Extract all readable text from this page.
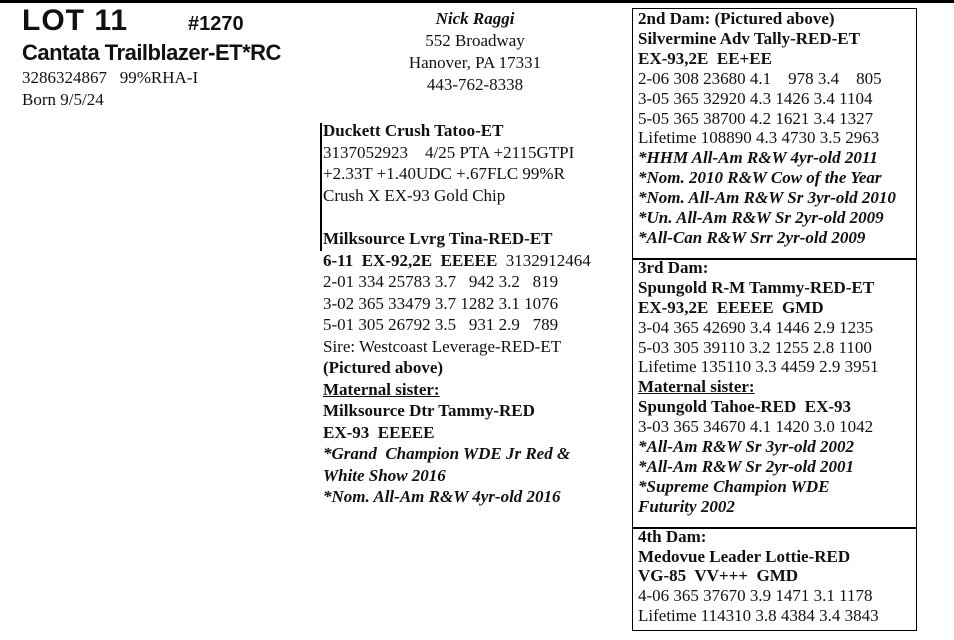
LOT 11	#1270
Cantata Trailblazer-ET*RC
3286324867   99%RHA-I
Born 9/5/24
Nick Raggi
552 Broadway
Hanover, PA 17331
443-762-8338
Duckett Crush Tatoo-ET
3137052923    4/25 PTA +2115GTPI
+2.33T +1.40UDC +.67FLC 99%R
Crush X EX-93 Gold Chip
Milksource Lvrg Tina-RED-ET
6-11  EX-92,2E  EEEEE  3132912464
2-01 334 25783 3.7   942 3.2   819
3-02 365 33479 3.7 1282 3.1 1076
5-01 305 26792 3.5   931 2.9   789
Sire: Westcoast Leverage-RED-ET
(Pictured above)
Maternal sister:
Milksource Dtr Tammy-RED
EX-93  EEEEE
*Grand  Champion WDE Jr Red &
White Show 2016
*Nom. All-Am R&W 4yr-old 2016
2nd Dam: (Pictured above)
Silvermine Adv Tally-RED-ET
EX-93,2E  EE+EE
2-06 308 23680 4.1    978 3.4    805
3-05 365 32920 4.3 1426 3.4 1104
5-05 365 38700 4.2 1621 3.4 1327
Lifetime 108890 4.3 4730 3.5 2963
*HHM All-Am R&W 4yr-old 2011
*Nom. 2010 R&W Cow of the Year
*Nom. All-Am R&W Sr 3yr-old 2010
*Un. All-Am R&W Sr 2yr-old 2009
*All-Can R&W Srr 2yr-old 2009
3rd Dam:
Spungold R-M Tammy-RED-ET
EX-93,2E  EEEEE  GMD
3-04 365 42690 3.4 1446 2.9 1235
5-03 305 39110 3.2 1255 2.8 1100
Lifetime 135110 3.3 4459 2.9 3951
Maternal sister:
Spungold Tahoe-RED  EX-93
3-03 365 34670 4.1 1420 3.0 1042
*All-Am R&W Sr 3yr-old 2002
*All-Am R&W Sr 2yr-old 2001
*Supreme Champion WDE
Futurity 2002
4th Dam:
Medovue Leader Lottie-RED
VG-85  VV+++  GMD
4-06 365 37670 3.9 1471 3.1 1178
Lifetime 114310 3.8 4384 3.4 3843
